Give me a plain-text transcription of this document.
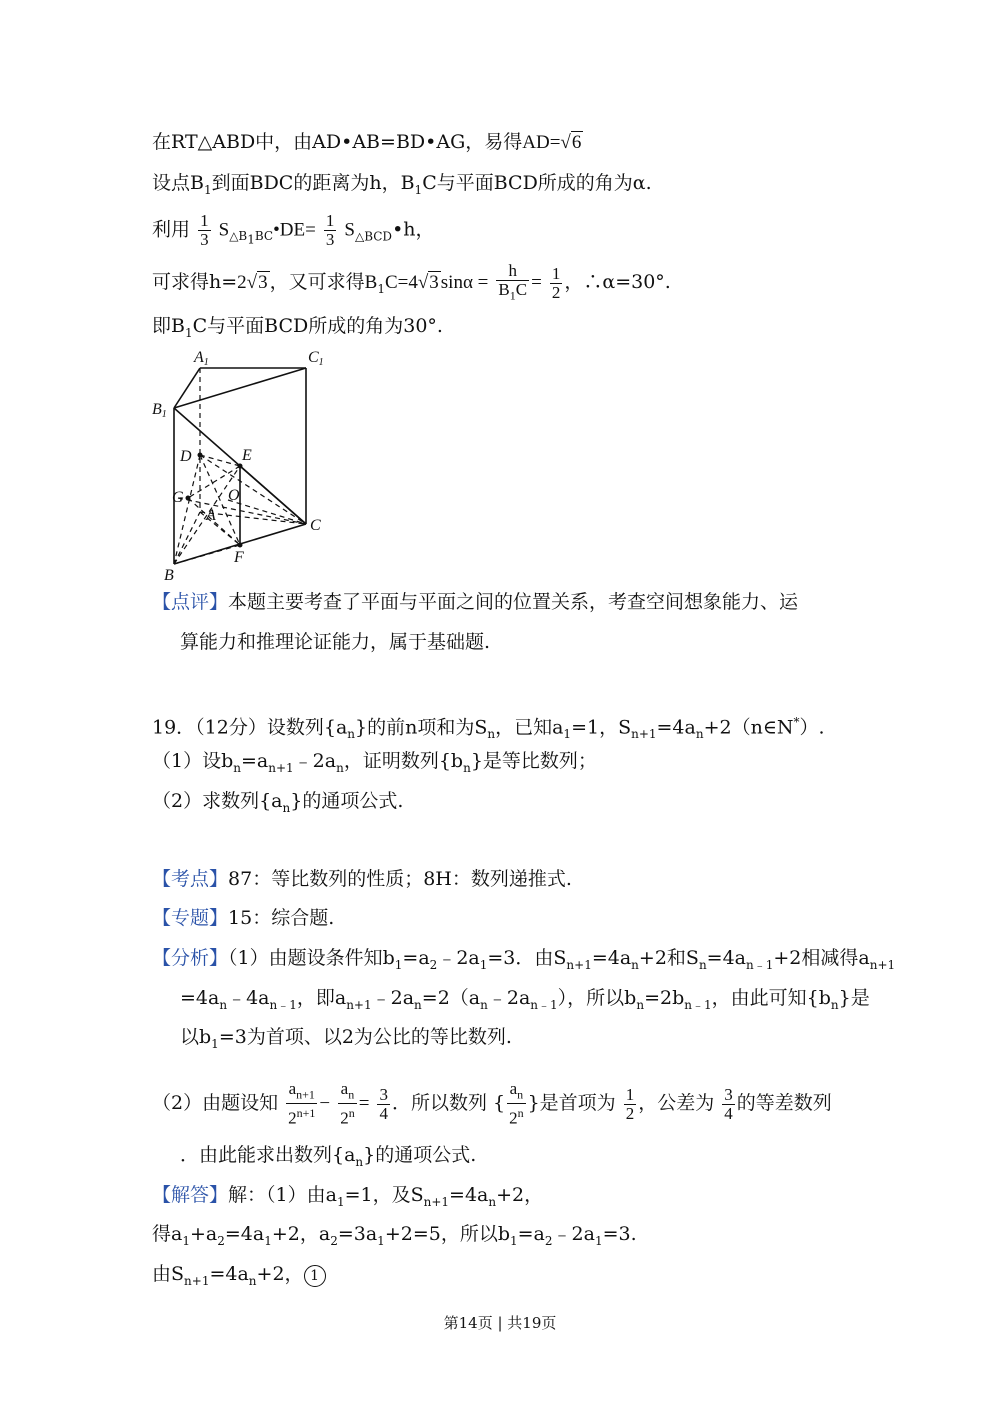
在RT△ABD中，由AD•AB=BD•AG，易得AD=√6
设点$B_1$到面BDC的距离为h，$B_1C$与平面BCD所成的角为α.
利用 $\frac{1}{3}$ $S_{\triangle B_1BC}•DE= \frac{1}{3}$ $S_{\triangle BCD}•h$，
可求得h=2√3 ，又可求得$B_1C=4√3$ $\sin\alpha = \frac{h}{B_1C} = \frac{1}{2}$ ，∴α=30°.
即$B_1C$与平面BCD所成的角为30°.
A1	C1
B1
D	E
G	O
A
C
F
B
【点评】本题主要考查了平面与平面之间的位置关系，考查空间想象能力、运
算能力和推理论证能力，属于基础题.
19．（12分）设数列$\{a_n\}$的前n项和为$S_n$，已知$a_1=1$，$S_{n+1}=4a_n+2(n\in N^*)$.
（1）设$b_n=a_{n+1}﹣2a_n$，证明数列$\{b_n\}$是等比数列；
（2）求数列$\{a_n\}$的通项公式.
【考点】87：等比数列的性质；8H：数列递推式.
【专题】15：综合题.
【分析】（1）由题设条件知$b_1=a_2﹣2a_1=3$．由$S_{n+1}=4a_n+2$和$S_n=4a_{n﹣1}+2$相减得$a_{n+1}$
$=4a_n﹣4a_{n﹣1}$，即$a_{n+1}﹣2a_n=2(a_n﹣2a_{n﹣1})$，所以$b_n=2b_{n﹣1}$，由此可知$\{b_n\}$是
以$b_1=3$为首项、以2为公比的等比数列.
（2）由题设知 $\frac{a_{n+1}}{2^{n+1}} - \frac{a_n}{2^n} = \frac{3}{4}$ ．所以数列 { $\frac{a_n}{2^n}$ }是首项为 $\frac{1}{2}$ ，公差为 $\frac{3}{4}$ 的等差数列
．由此能求出数列$\{a_n\}$的通项公式.
【解答】解：（1）由$a_1=1$，及$S_{n+1}=4a_n+2$，
得$a_1+a_2=4a_1+2$，$a_2=3a_1+2=5$，所以$b_1=a_2﹣2a_1=3$.
由$S_{n+1}=4a_n+2$， 1
第14页 | 共19页
